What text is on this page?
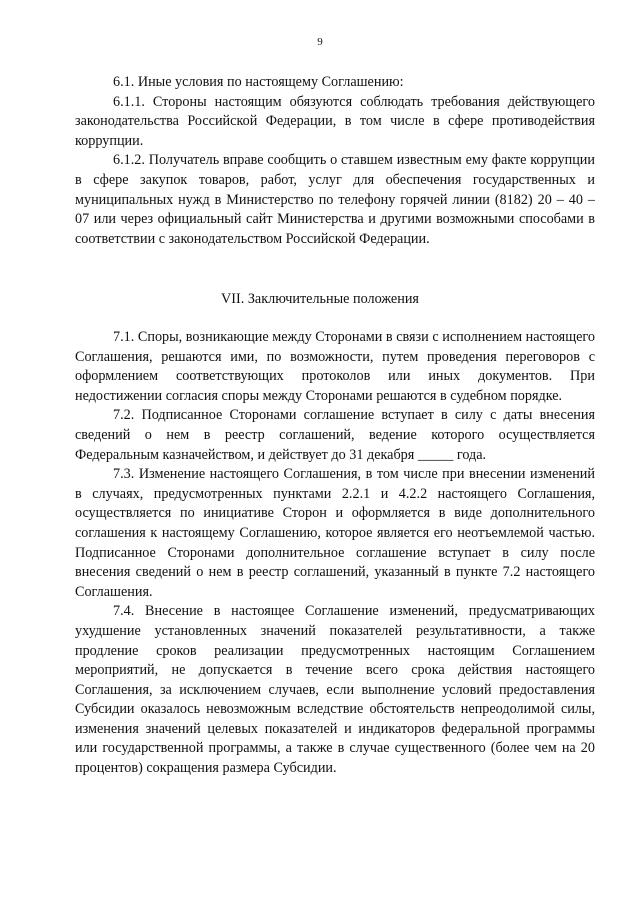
9

6.1. Иные условия по настоящему Соглашению:

6.1.1. Стороны настоящим обязуются соблюдать требования действующего законодательства Российской Федерации, в том числе в сфере противодействия коррупции.

6.1.2. Получатель вправе сообщить о ставшем известным ему факте коррупции в сфере закупок товаров, работ, услуг для обеспечения государственных и муниципальных нужд в Министерство по телефону горячей линии (8182) 20 – 40 – 07 или через официальный сайт Министерства и другими возможными способами в соответствии с законодательством Российской Федерации.

VII. Заключительные положения

7.1. Споры, возникающие между Сторонами в связи с исполнением настоящего Соглашения, решаются ими, по возможности, путем проведения переговоров с оформлением соответствующих протоколов или иных документов. При недостижении согласия споры между Сторонами решаются в судебном порядке.

7.2. Подписанное Сторонами соглашение вступает в силу с даты внесения сведений о нем в реестр соглашений, ведение которого осуществляется Федеральным казначейством, и действует до 31 декабря _____ года.

7.3. Изменение настоящего Соглашения, в том числе при внесении изменений в случаях, предусмотренных пунктами 2.2.1 и 4.2.2 настоящего Соглашения, осуществляется по инициативе Сторон и оформляется в виде дополнительного соглашения к настоящему Соглашению, которое является его неотъемлемой частью. Подписанное Сторонами дополнительное соглашение вступает в силу после внесения сведений о нем в реестр соглашений, указанный в пункте 7.2 настоящего Соглашения.

7.4. Внесение в настоящее Соглашение изменений, предусматривающих ухудшение установленных значений показателей результативности, а также продление сроков реализации предусмотренных настоящим Соглашением мероприятий, не допускается в течение всего срока действия настоящего Соглашения, за исключением случаев, если выполнение условий предоставления Субсидии оказалось невозможным вследствие обстоятельств непреодолимой силы, изменения значений целевых показателей и индикаторов федеральной программы или государственной программы, а также в случае существенного (более чем на 20 процентов) сокращения размера Субсидии.
